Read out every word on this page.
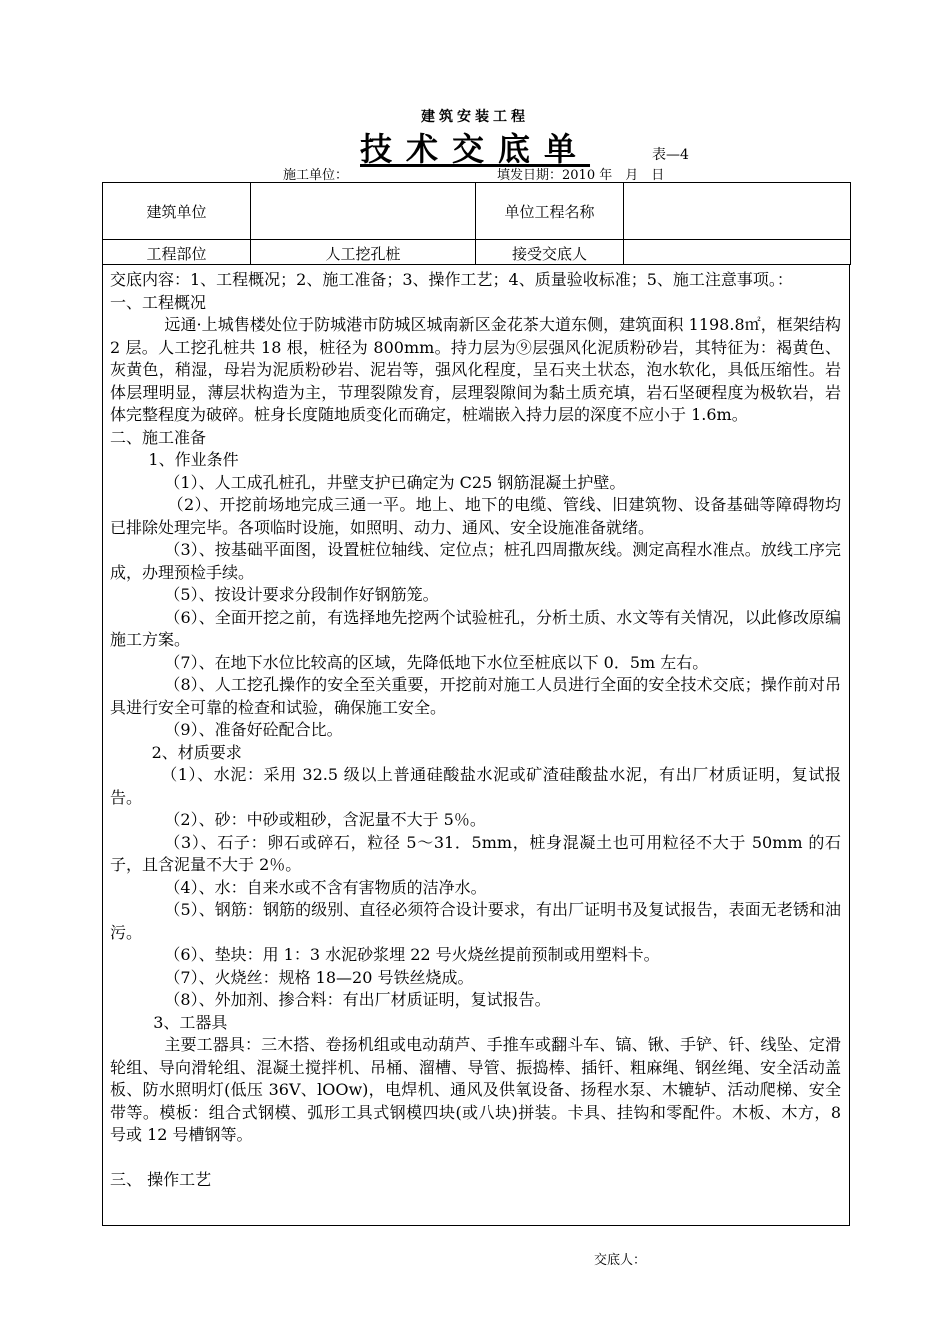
建筑安装工程
技术交底单	表—4
施工单位：	填发日期：2010 年　月　日
建筑单位		单位工程名称	
工程部位	人工挖孔桩	接受交底人	

交底内容：1、工程概况；2、施工准备；3、操作工艺；4、质量验收标准；5、施工注意事项。：

一、工程概况

远通·上城售楼处位于防城港市防城区城南新区金花茶大道东侧，建筑面积 1198.8㎡，框架结构 2 层。人工挖孔桩共 18 根，桩径为 800mm。持力层为⑨层强风化泥质粉砂岩，其特征为：褐黄色、灰黄色，稍湿，母岩为泥质粉砂岩、泥岩等，强风化程度，呈石夹土状态，泡水软化，具低压缩性。岩体层理明显，薄层状构造为主，节理裂隙发育，层理裂隙间为黏土质充填，岩石坚硬程度为极软岩，岩体完整程度为破碎。桩身长度随地质变化而确定，桩端嵌入持力层的深度不应小于 1.6m。

二、施工准备

1、作业条件

（1）、人工成孔桩孔，井壁支护已确定为 C25 钢筋混凝土护壁。

（2）、开挖前场地完成三通一平。地上、地下的电缆、管线、旧建筑物、设备基础等障碍物均已排除处理完毕。各项临时设施，如照明、动力、通风、安全设施准备就绪。

（3）、按基础平面图，设置桩位轴线、定位点；桩孔四周撒灰线。测定高程水准点。放线工序完成，办理预检手续。

（5）、按设计要求分段制作好钢筋笼。

（6）、全面开挖之前，有选择地先挖两个试验桩孔，分析土质、水文等有关情况，以此修改原编施工方案。

（7）、在地下水位比较高的区域，先降低地下水位至桩底以下 0．5m 左右。

（8）、人工挖孔操作的安全至关重要，开挖前对施工人员进行全面的安全技术交底；操作前对吊具进行安全可靠的检查和试验，确保施工安全。

（9）、准备好砼配合比。

2、材质要求

（1）、水泥：采用 32.5 级以上普通硅酸盐水泥或矿渣硅酸盐水泥，有出厂材质证明，复试报告。

（2）、砂：中砂或粗砂，含泥量不大于 5％。

（3）、石子：卵石或碎石，粒径 5～31．5mm，桩身混凝土也可用粒径不大于 50mm 的石子，且含泥量不大于 2％。

（4）、水：自来水或不含有害物质的洁净水。

（5）、钢筋：钢筋的级别、直径必须符合设计要求，有出厂证明书及复试报告，表面无老锈和油污。

（6）、垫块：用 1：3 水泥砂浆埋 22 号火烧丝提前预制或用塑料卡。

（7）、火烧丝：规格 18—20 号铁丝烧成。

（8）、外加剂、掺合料：有出厂材质证明，复试报告。

3、工器具

主要工器具：三木搭、卷扬机组或电动葫芦、手推车或翻斗车、镐、锹、手铲、钎、线坠、定滑轮组、导向滑轮组、混凝土搅拌机、吊桶、溜槽、导管、振捣棒、插钎、粗麻绳、钢丝绳、安全活动盖板、防水照明灯(低压 36V、lOOw)，电焊机、通风及供氧设备、扬程水泵、木辘轳、活动爬梯、安全带等。模板：组合式钢模、弧形工具式钢模四块(或八块)拼装。卡具、挂钩和零配件。木板、木方，8 号或 12 号槽钢等。

三、 操作工艺

交底人：
